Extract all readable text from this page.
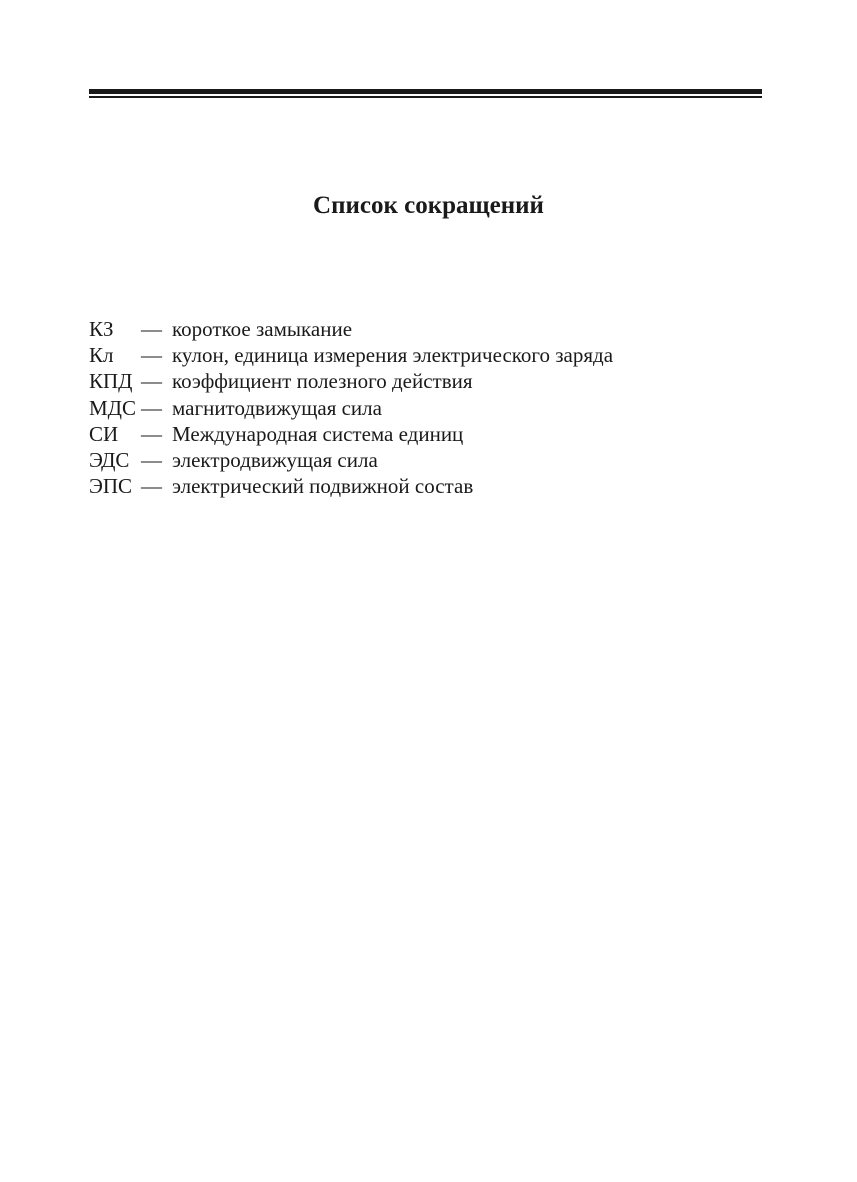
Список сокращений
КЗ	— короткое замыкание
Кл	— кулон, единица измерения электрического заряда
КПД — коэффициент полезного действия
МДС — магнитодвижущая сила
СИ	— Международная система единиц
ЭДС — электродвижущая сила
ЭПС — электрический подвижной состав
